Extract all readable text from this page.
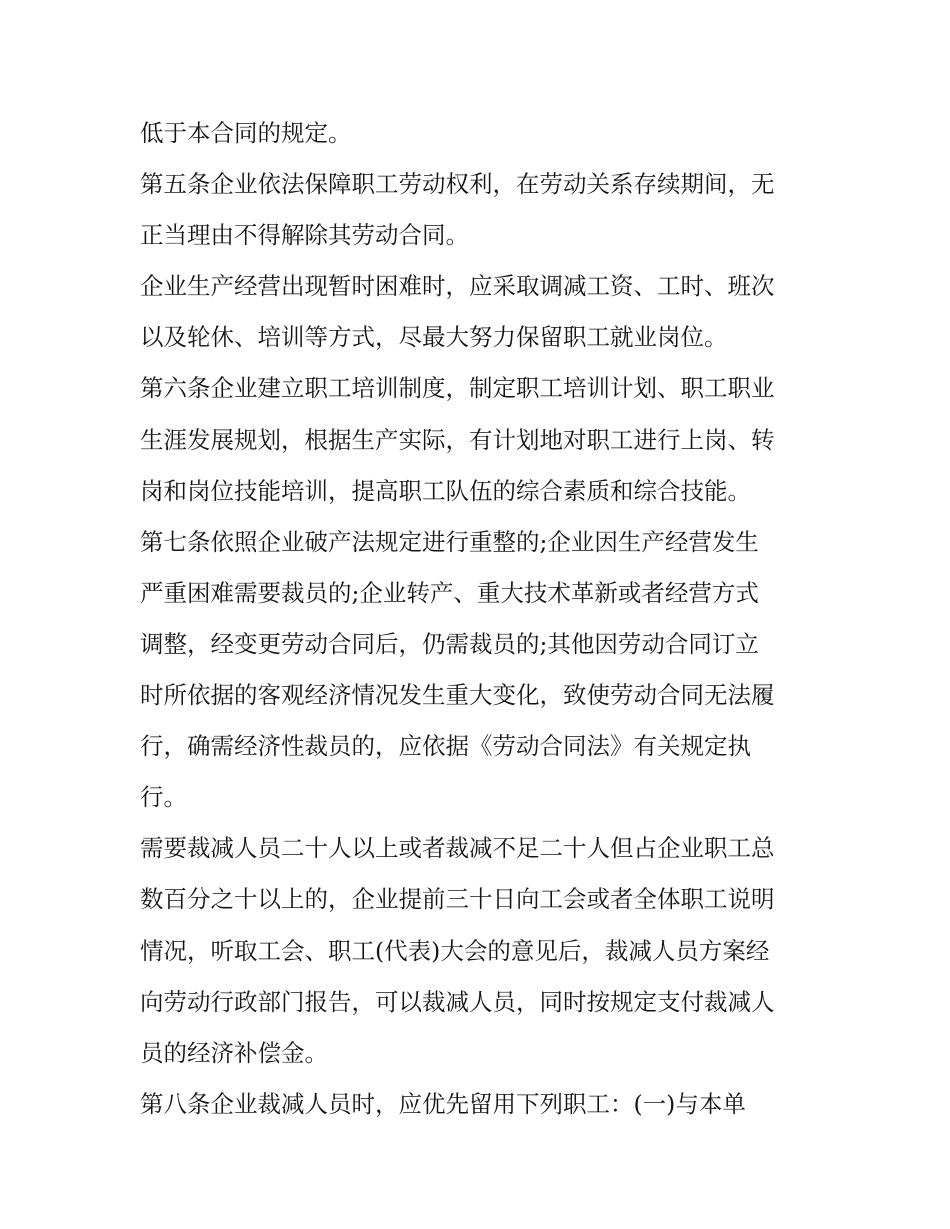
低于本合同的规定。
第五条企业依法保障职工劳动权利，在劳动关系存续期间，无
正当理由不得解除其劳动合同。
企业生产经营出现暂时困难时，应采取调减工资、工时、班次
以及轮休、培训等方式，尽最大努力保留职工就业岗位。
第六条企业建立职工培训制度，制定职工培训计划、职工职业
生涯发展规划，根据生产实际，有计划地对职工进行上岗、转
岗和岗位技能培训，提高职工队伍的综合素质和综合技能。
第七条依照企业破产法规定进行重整的;企业因生产经营发生
严重困难需要裁员的;企业转产、重大技术革新或者经营方式
调整，经变更劳动合同后，仍需裁员的;其他因劳动合同订立
时所依据的客观经济情况发生重大变化，致使劳动合同无法履
行，确需经济性裁员的，应依据《劳动合同法》有关规定执
行。
需要裁减人员二十人以上或者裁减不足二十人但占企业职工总
数百分之十以上的，企业提前三十日向工会或者全体职工说明
情况，听取工会、职工(代表)大会的意见后，裁减人员方案经
向劳动行政部门报告，可以裁减人员，同时按规定支付裁减人
员的经济补偿金。
第八条企业裁减人员时，应优先留用下列职工：(一)与本单
